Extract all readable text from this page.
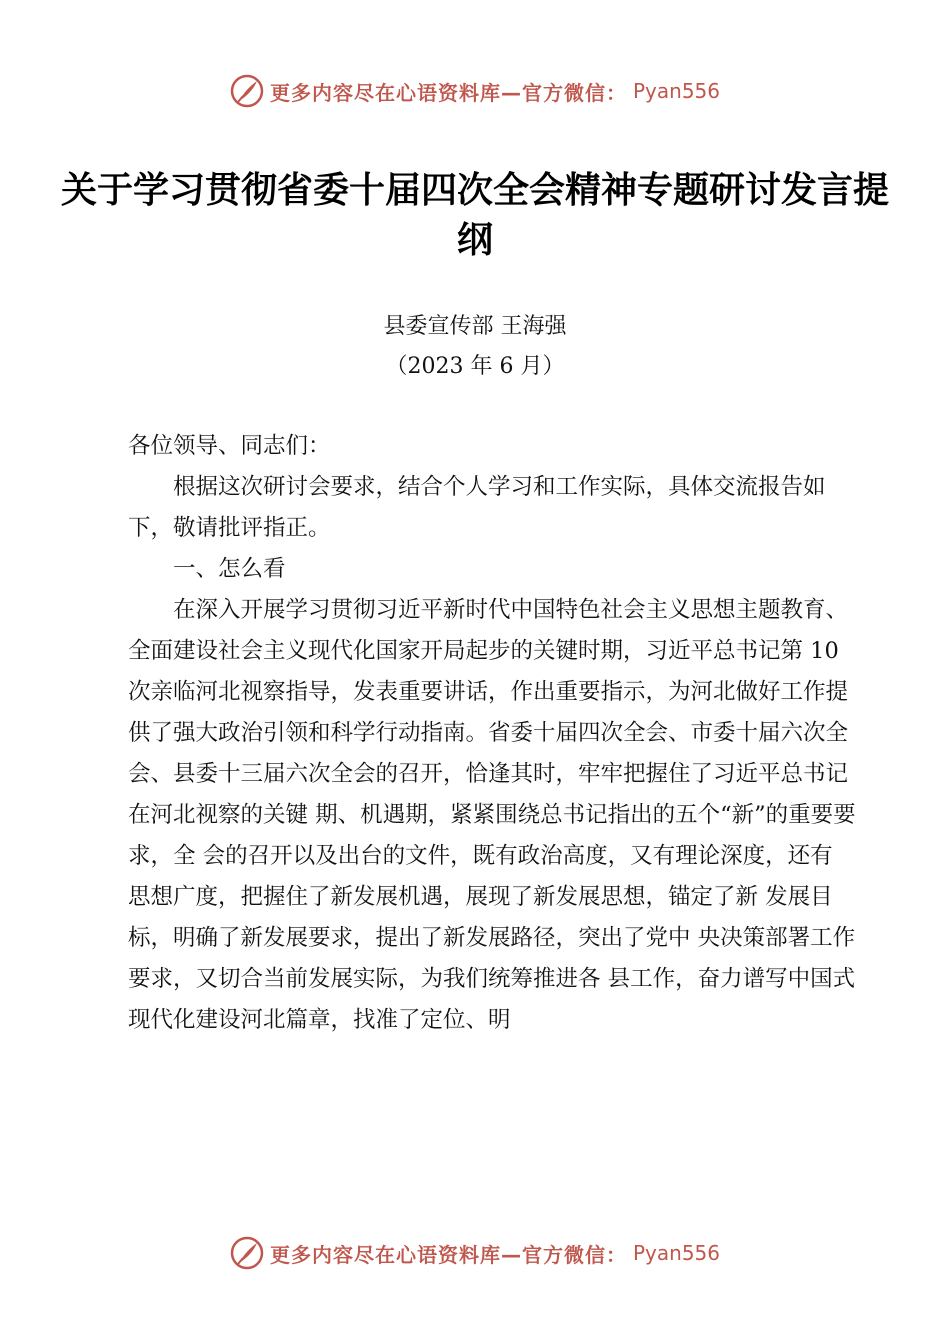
更多内容尽在心语资料库—官方微信： Pyan556
关于学习贯彻省委十届四次全会精神专题研讨发言提纲
县委宣传部 王海强
（2023 年 6 月）

各位领导、同志们：

根据这次研讨会要求，结合个人学习和工作实际，具体交流报告如下，敬请批评指正。

一、怎么看

在深入开展学习贯彻习近平新时代中国特色社会主义思想主题教育、全面建设社会主义现代化国家开局起步的关键时期，习近平总书记第 10 次亲临河北视察指导，发表重要讲话，作出重要指示，为河北做好工作提供了强大政治引领和科学行动指南。省委十届四次全会、市委十届六次全会、县委十三届六次全会的召开，恰逢其时，牢牢把握住了习近平总书记在河北视察的关键 期、机遇期，紧紧围绕总书记指出的五个“新”的重要要求，全 会的召开以及出台的文件，既有政治高度，又有理论深度，还有 思想广度，把握住了新发展机遇，展现了新发展思想，锚定了新 发展目标，明确了新发展要求，提出了新发展路径，突出了党中 央决策部署工作要求，又切合当前发展实际，为我们统筹推进各 县工作，奋力谱写中国式现代化建设河北篇章，找准了定位、明

更多内容尽在心语资料库—官方微信： Pyan556
